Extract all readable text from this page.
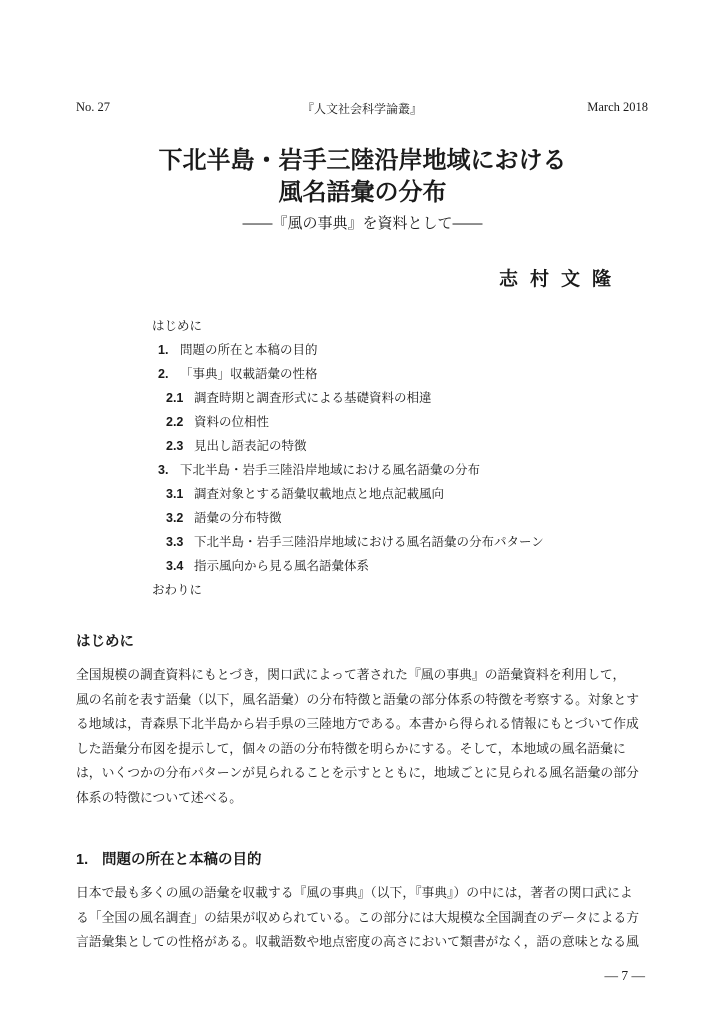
No. 27	『人文社会科学論叢』	March 2018
下北半島・岩手三陸沿岸地域における
風名語彙の分布
――『風の事典』を資料として――
志村文隆
はじめに
1. 問題の所在と本稿の目的
2. 「事典」収載語彙の性格
2.1 調査時期と調査形式による基礎資料の相違
2.2 資料の位相性
2.3 見出し語表記の特徴
3. 下北半島・岩手三陸沿岸地域における風名語彙の分布
3.1 調査対象とする語彙収載地点と地点記載風向
3.2 語彙の分布特徴
3.3 下北半島・岩手三陸沿岸地域における風名語彙の分布パターン
3.4 指示風向から見る風名語彙体系
おわりに
はじめに
全国規模の調査資料にもとづき，関口武によって著された『風の事典』の語彙資料を利用して，
風の名前を表す語彙（以下，風名語彙）の分布特徴と語彙の部分体系の特徴を考察する。対象とす
る地域は，青森県下北半島から岩手県の三陸地方である。本書から得られる情報にもとづいて作成
した語彙分布図を提示して，個々の語の分布特徴を明らかにする。そして，本地域の風名語彙に
は，いくつかの分布パターンが見られることを示すとともに，地域ごとに見られる風名語彙の部分
体系の特徴について述べる。
1. 問題の所在と本稿の目的
日本で最も多くの風の語彙を収載する『風の事典』（以下，『事典』）の中には，著者の関口武によ
る「全国の風名調査」の結果が収められている。この部分には大規模な全国調査のデータによる方
言語彙集としての性格がある。収載語数や地点密度の高さにおいて類書がなく，語の意味となる風
― 7 ―
